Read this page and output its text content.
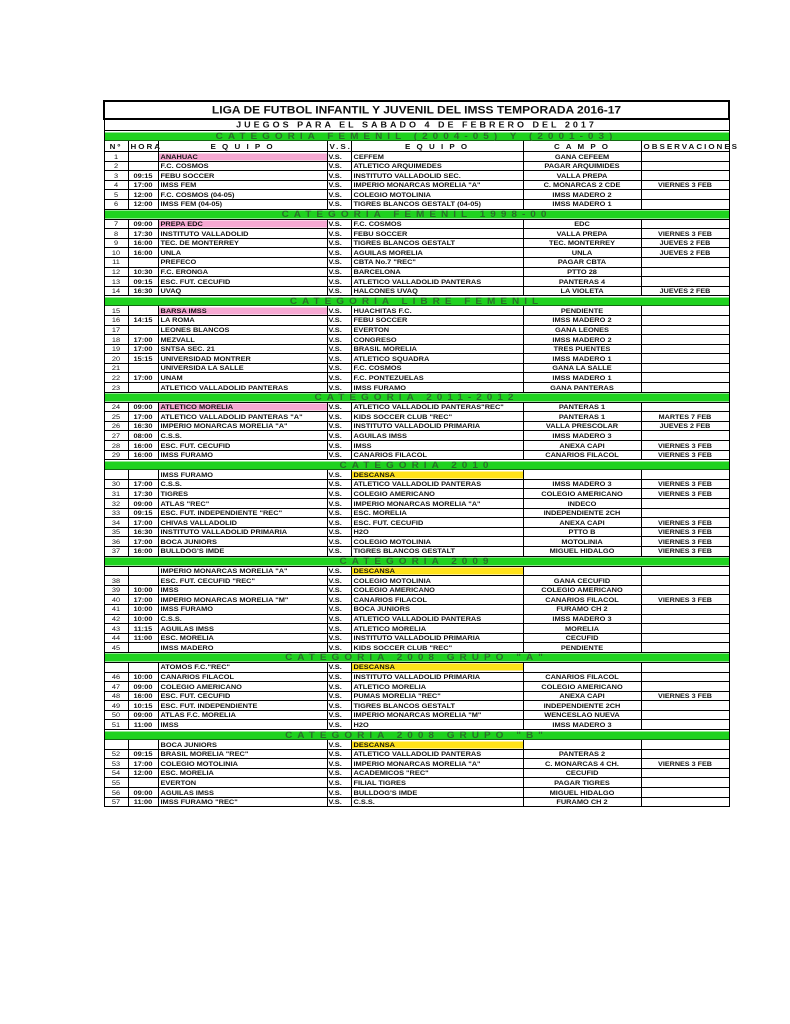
LIGA DE FUTBOL INFANTIL Y JUVENIL DEL IMSS TEMPORADA 2016-17						
JUEGOS PARA EL SABADO 4 DE FEBRERO DEL 2017						
CATEGORIA FEMENIL (2004-05) Y (2001-03)						
Nº	HORA	E Q U I P O	V.S.	E Q U I P O	C A M P O	OBSERVACIONES
1		ANAHUAC	V.S.	CEFFEM	GANA CEFEEM	
2		F.C. COSMOS	V.S.	ATLETICO ARQUIMEDES	PAGAR ARQUIMIDES	
3	09:15	FEBU SOCCER	V.S.	INSTITUTO VALLADOLID SEC.	VALLA PREPA	
4	17:00	IMSS FEM	V.S.	IMPERIO MONARCAS MORELIA "A"	C. MONARCAS 2 CDE	VIERNES 3 FEB
5	12:00	F.C. COSMOS (04-05)	V.S.	COLEGIO MOTOLINIA	IMSS MADERO 2	
6	12:00	IMSS FEM (04-05)	V.S.	TIGRES BLANCOS GESTALT (04-05)	IMSS MADERO 1	
CATEGORIA FEMENIL 1998-00						
7	09:00	PREPA EDC	V.S.	F.C. COSMOS	EDC	
8	17:30	INSTITUTO VALLADOLID	V.S.	FEBU SOCCER	VALLA PREPA	VIERNES 3 FEB
9	16:00	TEC. DE MONTERREY	V.S.	TIGRES BLANCOS GESTALT	TEC. MONTERREY	JUEVES 2 FEB
10	16:00	UNLA	V.S.	AGUILAS MORELIA	UNLA	JUEVES 2 FEB
11		PREFECO	V.S.	CBTA No.7 "REC"	PAGAR CBTA	
12	10:30	F.C. ERONGA	V.S.	BARCELONA	PTTO 28	
13	09:15	ESC. FUT. CECUFID	V.S.	ATLETICO VALLADOLID PANTERAS	PANTERAS 4	
14	16:30	UVAQ	V.S.	HALCONES UVAQ	LA VIOLETA	JUEVES 2 FEB
CATEGORIA LIBRE FEMENIL						
15		BARSA IMSS	V.S.	HUACHITAS F.C.	PENDIENTE	
16	14:15	LA ROMA	V.S.	FEBU SOCCER	IMSS MADERO 2	
17		LEONES BLANCOS	V.S.	EVERTON	GANA LEONES	
18	17:00	MEZVALL	V.S.	CONGRESO	IMSS MADERO 2	
19	17:00	SNTSA SEC. 21	V.S.	BRASIL MORELIA	TRES PUENTES	
20	15:15	UNIVERSIDAD MONTRER	V.S.	ATLETICO SQUADRA	IMSS MADERO 1	
21		UNIVERSIDA LA SALLE	V.S.	F.C. COSMOS	GANA LA SALLE	
22	17:00	UNAM	V.S.	F.C. PONTEZUELAS	IMSS MADERO 1	
23		ATLETICO VALLADOLID PANTERAS	V.S.	IMSS FURAMO	GANA PANTERAS	
CATEGORIA 2011-2012						
24	09:00	ATLETICO MORELIA	V.S.	ATLETICO VALLADOLID PANTERAS"REC"	PANTERAS 1	
25	17:00	ATLETICO VALLADOLID PANTERAS "A"	V.S.	KIDS SOCCER CLUB "REC"	PANTERAS 1	MARTES 7 FEB
26	16:30	IMPERIO MONARCAS MORELIA "A"	V.S.	INSTITUTO VALLADOLID PRIMARIA	VALLA PRESCOLAR	JUEVES 2 FEB
27	08:00	C.S.S.	V.S.	AGUILAS IMSS	IMSS MADERO 3	
28	16:00	ESC. FUT. CECUFID	V.S.	IMSS	ANEXA CAPI	VIERNES 3 FEB
29	16:00	IMSS FURAMO	V.S.	CANARIOS FILACOL	CANARIOS FILACOL	VIERNES 3 FEB
CATEGORIA 2010						
		IMSS FURAMO	V.S.	DESCANSA		
30	17:00	C.S.S.	V.S.	ATLETICO VALLADOLID PANTERAS	IMSS MADERO 3	VIERNES 3 FEB
31	17:30	TIGRES	V.S.	COLEGIO AMERICANO	COLEGIO AMERICANO	VIERNES 3 FEB
32	09:00	ATLAS "REC"	V.S.	IMPERIO MONARCAS MORELIA "A"	INDECO	
33	09:15	ESC. FUT. INDEPENDIENTE "REC"	V.S.	ESC. MORELIA	INDEPENDIENTE 2CH	
34	17:00	CHIVAS VALLADOLID	V.S.	ESC. FUT. CECUFID	ANEXA CAPI	VIERNES 3 FEB
35	16:30	INSTITUTO VALLADOLID PRIMARIA	V.S.	H2O	PTTO B	VIERNES 3 FEB
36	17:00	BOCA JUNIORS	V.S.	COLEGIO MOTOLINIA	MOTOLINIA	VIERNES 3 FEB
37	16:00	BULLDOG'S IMDE	V.S.	TIGRES BLANCOS GESTALT	MIGUEL HIDALGO	VIERNES 3 FEB
CATEGORIA 2009						
		IMPERIO MONARCAS MORELIA "A"	V.S.	DESCANSA		
38		ESC. FUT. CECUFID "REC"	V.S.	COLEGIO MOTOLINIA	GANA CECUFID	
39	10:00	IMSS	V.S.	COLEGIO AMERICANO	COLEGIO AMERICANO	
40	17:00	IMPERIO MONARCAS MORELIA "M"	V.S.	CANARIOS FILACOL	CANARIOS FILACOL	VIERNES 3 FEB
41	10:00	IMSS FURAMO	V.S.	BOCA JUNIORS	FURAMO CH 2	
42	10:00	C.S.S.	V.S.	ATLETICO VALLADOLID PANTERAS	IMSS MADERO 3	
43	11:15	AGUILAS IMSS	V.S.	ATLETICO MORELIA	MORELIA	
44	11:00	ESC. MORELIA	V.S.	INSTITUTO VALLADOLID PRIMARIA	CECUFID	
45		IMSS MADERO	V.S.	KIDS SOCCER CLUB "REC"	PENDIENTE	
CATEGORIA 2008 GRUPO "A"						
		ATOMOS F.C."REC"	V.S.	DESCANSA		
46	10:00	CANARIOS FILACOL	V.S.	INSTITUTO VALLADOLID PRIMARIA	CANARIOS FILACOL	
47	09:00	COLEGIO AMERICANO	V.S.	ATLETICO MORELIA	COLEGIO AMERICANO	
48	16:00	ESC. FUT. CECUFID	V.S.	PUMAS MORELIA "REC"	ANEXA CAPI	VIERNES 3 FEB
49	10:15	ESC. FUT. INDEPENDIENTE	V.S.	TIGRES BLANCOS GESTALT	INDEPENDIENTE 2CH	
50	09:00	ATLAS F.C. MORELIA	V.S.	IMPERIO MONARCAS MORELIA "M"	WENCESLAO NUEVA	
51	11:00	IMSS	V.S.	H2O	IMSS MADERO 3	
CATEGORIA 2008 GRUPO "B"						
		BOCA JUNIORS	V.S.	DESCANSA		
52	09:15	BRASIL MORELIA "REC"	V.S.	ATLETICO VALLADOLID PANTERAS	PANTERAS 2	
53	17:00	COLEGIO MOTOLINIA	V.S.	IMPERIO MONARCAS MORELIA "A"	C. MONARCAS 4 CH.	VIERNES 3 FEB
54	12:00	ESC. MORELIA	V.S.	ACADEMICOS "REC"	CECUFID	
55		EVERTON	V.S.	FILIAL TIGRES	PAGAR TIGRES	
56	09:00	AGUILAS IMSS	V.S.	BULLDOG'S IMDE	MIGUEL HIDALGO	
57	11:00	IMSS FURAMO "REC"	V.S.	C.S.S.	FURAMO CH 2	
